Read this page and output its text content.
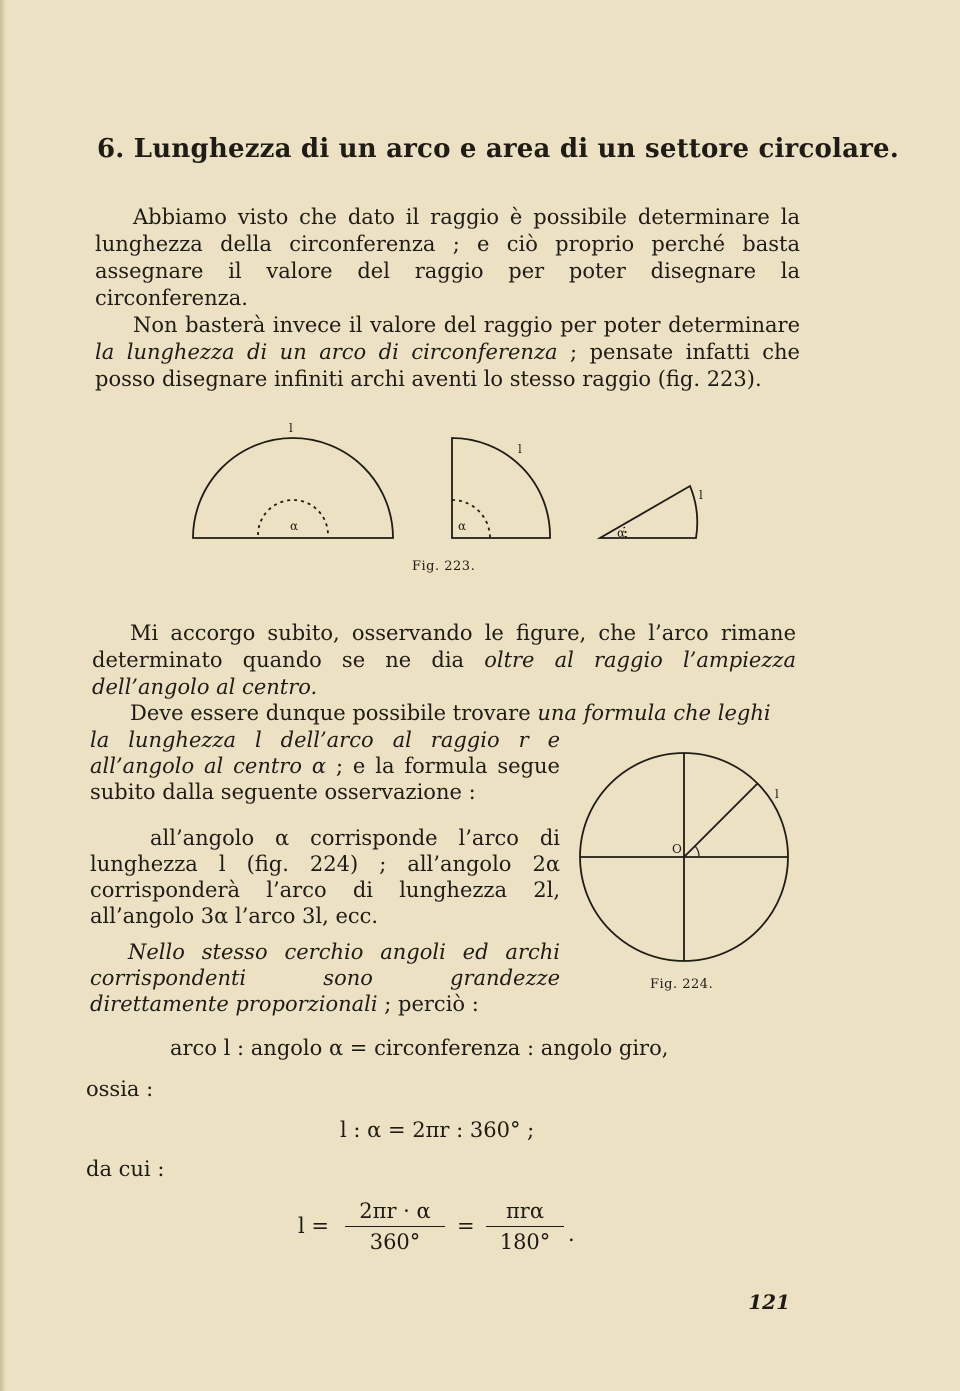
6. Lunghezza di un arco e area di un settore circolare.

Abbiamo visto che dato il raggio è possibile determinare la lunghezza della circonferenza ; e ciò proprio perché basta assegnare il valore del raggio per poter disegnare la circonferenza.

Non basterà invece il valore del raggio per poter determinare la lunghezza di un arco di circonferenza ; pensate infatti che posso disegnare infiniti archi aventi lo stesso raggio (fig. 223).

l
α
l
α
l
α
Fig. 223.

Mi accorgo subito, osservando le figure, che l’arco rimane determinato quando se ne dia oltre al raggio l’ampiezza dell’angolo al centro.

Deve essere dunque possibile trovare una formula che leghi

la lunghezza l dell’arco al raggio r e all’angolo al centro α ; e la formula segue subito dalla seguente osservazione :

all’angolo α corrisponde l’arco di lunghezza l (fig. 224) ; all’angolo 2α corrisponderà l’arco di lunghezza 2l, all’angolo 3α l’arco 3l, ecc.

Nello stesso cerchio angoli ed archi corrispondenti sono grandezze direttamente proporzionali ; perciò :

O
l
Fig. 224.
arco l : angolo α = circonferenza : angolo giro,
ossia :
l : α = 2πr : 360° ;
da cui :
l =
2πr · α
360°
=
πrα
180° .
121
